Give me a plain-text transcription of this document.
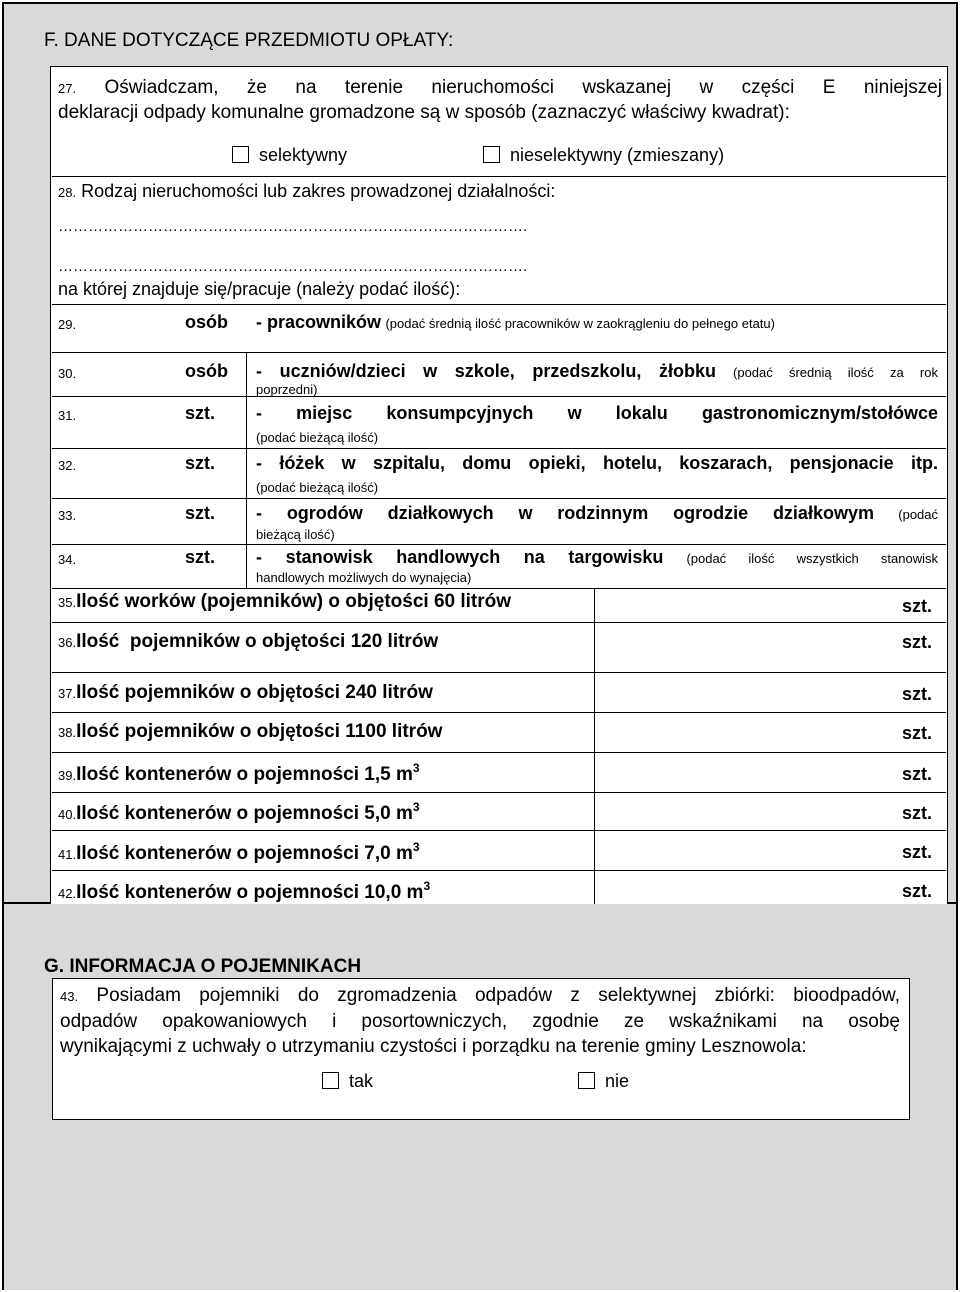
F. DANE DOTYCZĄCE PRZEDMIOTU OPŁATY:
27. Oświadczam, że na terenie nieruchomości wskazanej w części E niniejszej
deklaracji odpady komunalne gromadzone są w sposób (zaznaczyć właściwy kwadrat):
selektywny	nieselektywny (zmieszany)
28. Rodzaj nieruchomości lub zakres prowadzonej działalności:
………………………………………………………………………………….
………………………………………………………………………………….
na której znajduje się/pracuje (należy podać ilość):
29.	osób - pracowników (podać średnią ilość pracowników w zaokrągleniu do pełnego etatu)
30.	osób - uczniów/dzieci w szkole, przedszkolu, żłobku (podać średnią ilość za rok
poprzedni)
31.	szt. - miejsc konsumpcyjnych w lokalu gastronomicznym/stołówce
(podać bieżącą ilość)
32.	szt. - łóżek w szpitalu, domu opieki, hotelu, koszarach, pensjonacie itp.
(podać bieżącą ilość)
33.	szt. - ogrodów działkowych w rodzinnym ogrodzie działkowym (podać
bieżącą ilość)
34.	szt. - stanowisk handlowych na targowisku (podać ilość wszystkich stanowisk
handlowych możliwych do wynajęcia)
35.Ilość worków (pojemników) o objętości 60 litrów	szt.
36.Ilość  pojemników o objętości 120 litrów	szt.
37.Ilość pojemników o objętości 240 litrów	szt.
38.Ilość pojemników o objętości 1100 litrów	szt.
39.Ilość kontenerów o pojemności 1,5 $m^3$	szt.
40.Ilość kontenerów o pojemności 5,0 $m^3$	szt.
41.Ilość kontenerów o pojemności 7,0 $m^3$	szt.
42.Ilość kontenerów o pojemności 10,0 $m^3$	szt.
G. INFORMACJA O POJEMNIKACH
43. Posiadam pojemniki do zgromadzenia odpadów z selektywnej zbiórki: bioodpadów,
odpadów opakowaniowych i posortowniczych, zgodnie ze wskaźnikami na osobę
wynikającymi z uchwały o utrzymaniu czystości i porządku na terenie gminy Lesznowola:
tak	nie
